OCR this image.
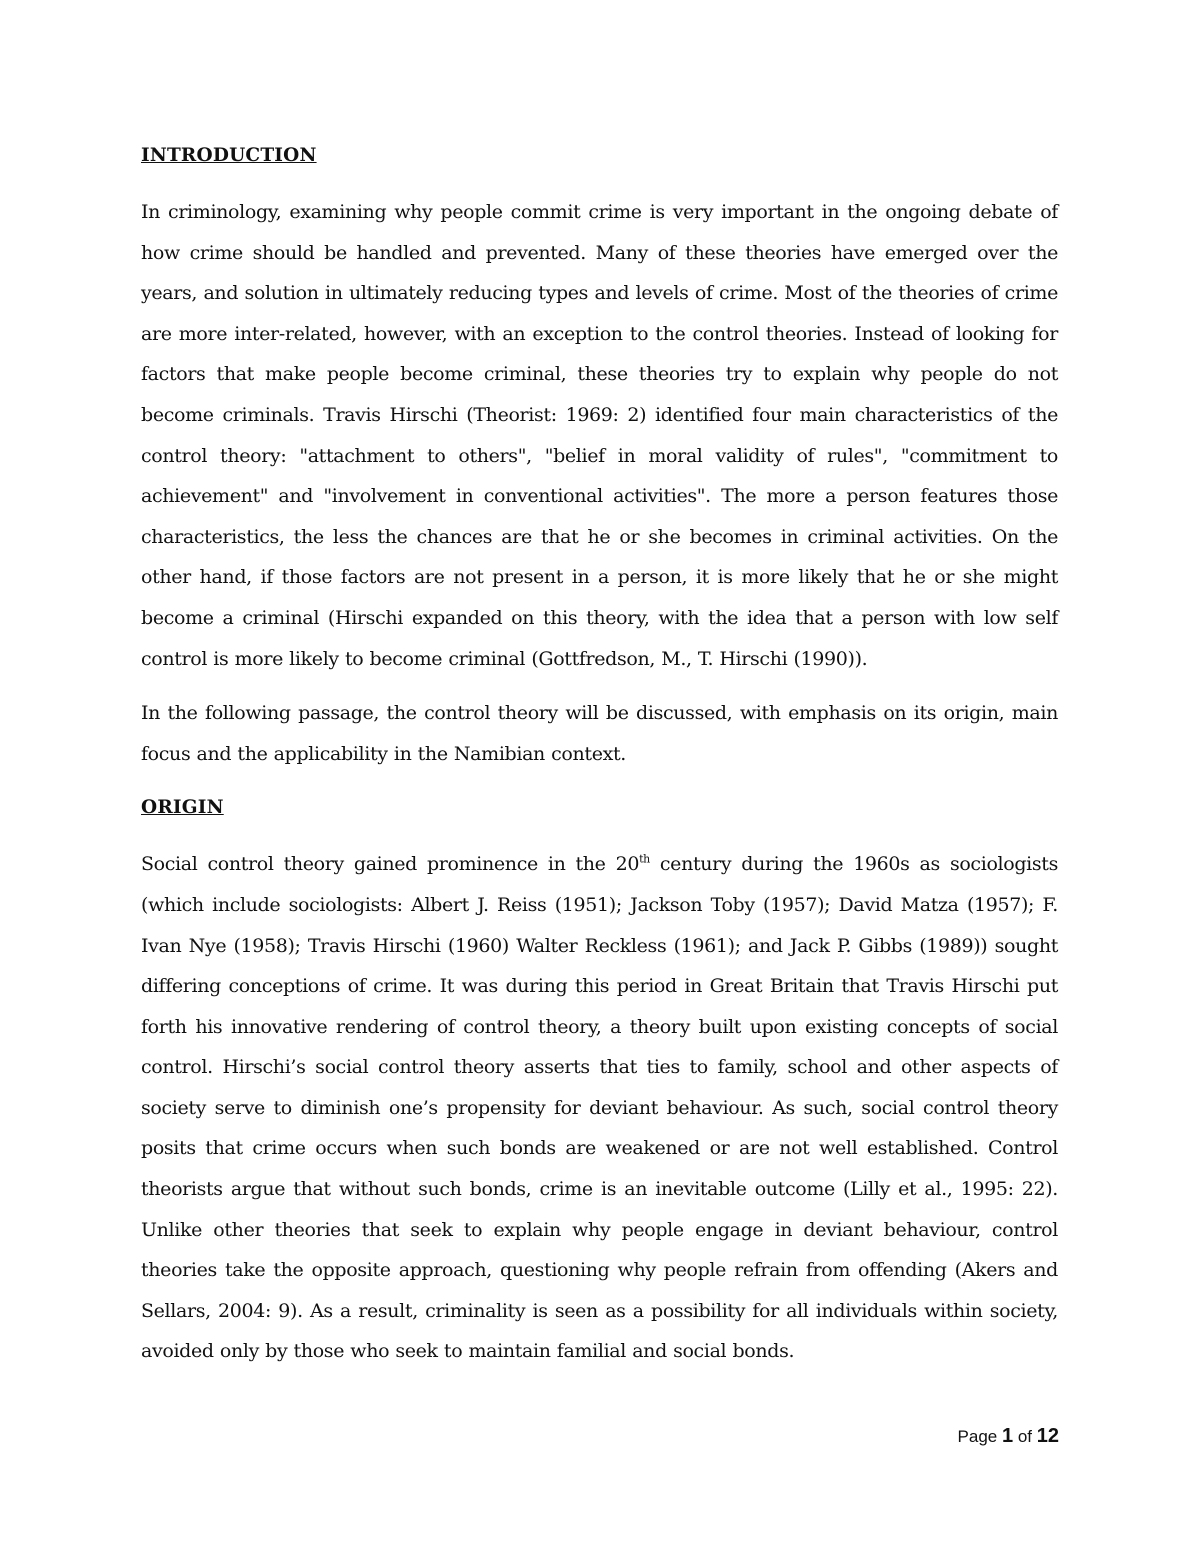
INTRODUCTION

In criminology, examining why people commit crime is very important in the ongoing debate of how crime should be handled and prevented. Many of these theories have emerged over the years, and solution in ultimately reducing types and levels of crime. Most of the theories of crime are more inter-related, however, with an exception to the control theories. Instead of looking for factors that make people become criminal, these theories try to explain why people do not become criminals. Travis Hirschi (Theorist: 1969: 2) identified four main characteristics of the control theory: "attachment to others", "belief in moral validity of rules", "commitment to achievement" and "involvement in conventional activities". The more a person features those characteristics, the less the chances are that he or she becomes in criminal activities. On the other hand, if those factors are not present in a person, it is more likely that he or she might become a criminal (Hirschi expanded on this theory, with the idea that a person with low self control is more likely to become criminal (Gottfredson, M., T. Hirschi (1990)).

In the following passage, the control theory will be discussed, with emphasis on its origin, main focus and the applicability in the Namibian context.

ORIGIN

Social control theory gained prominence in the 20th century during the 1960s as sociologists (which include sociologists: Albert J. Reiss (1951); Jackson Toby (1957); David Matza (1957); F. Ivan Nye (1958); Travis Hirschi (1960) Walter Reckless (1961); and Jack P. Gibbs (1989)) sought differing conceptions of crime. It was during this period in Great Britain that Travis Hirschi put forth his innovative rendering of control theory, a theory built upon existing concepts of social control. Hirschi’s social control theory asserts that ties to family, school and other aspects of society serve to diminish one’s propensity for deviant behaviour. As such, social control theory posits that crime occurs when such bonds are weakened or are not well established. Control theorists argue that without such bonds, crime is an inevitable outcome (Lilly et al., 1995: 22). Unlike other theories that seek to explain why people engage in deviant behaviour, control theories take the opposite approach, questioning why people refrain from offending (Akers and Sellars, 2004: 9). As a result, criminality is seen as a possibility for all individuals within society, avoided only by those who seek to maintain familial and social bonds.

Page 1 of 12
